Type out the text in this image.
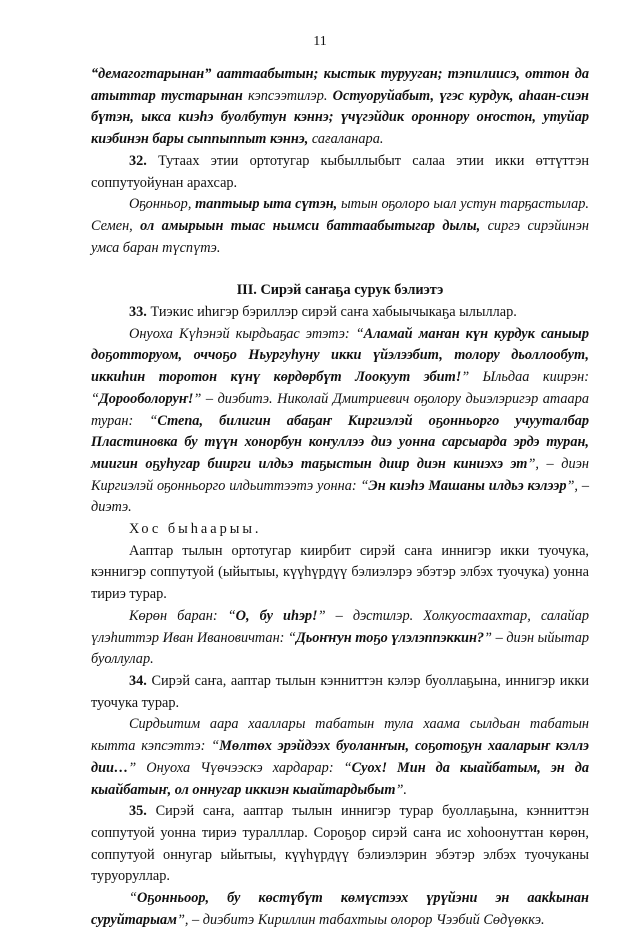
11

“демагогтарынан” ааттаабытын; кыстык турууган; тэпилиисэ, оттон да атыттар тустарынан кэпсээтилэр. Остуоруйабыт, үгэс курдук, аһаан-сиэн бүтэн, ыкса киэһэ буолбутун кэннэ; үчүгэйдик ороннору оҥостон, утуйар киэбинэн бары сыппыппыт кэннэ, сағаланара.

32. Тутаах этии ортотугар кыбыллыбыт салаа этии икки өттүттэн соппутуойунан арахсар.

Оҕонньор, таптыыр ыта сүтэн, ытын оҕолоро ыал устун тарҕастылар. Семен, ол амырыын тыас ньимси баттаабытыгар дылы, сиргэ сирэйинэн умса баран түспүтэ.

III. Сирэй саҥаҕа сурук бэлиэтэ

33. Тиэкис иһигэр бэриллэр сирэй саҥа хабыычыкаҕа ылыллар.

Онуоха Күһэнэй кырдьаҕас этэтэ: “Аламай маҥан күн курдук саныыр доҕотторуом, оччоҕо Ньургуһуну икки үйэлээбит, толору дьоллообут, иккиһин торотон күнү көрдөрбүт Лоокуут эбит!” Ыльдаа киирэн: “Дорооболоруҥ!” – диэбитэ. Николай Дмитриевич оҕолору дьиэлэригэр атаара туран: “Степа, билигин абаҕаҥ Киргиэлэй оҕонньорго учууталбар Пластиновка бу түүн хонорбун коҥуллээ диэ уонна сарсыарда эрдэ туран, миигин оҕуһугар биирги илдьэ таҕыстын диир диэн киниэхэ эт”, – диэн Киргиэлэй оҕонньорго илдьиттээтэ уонна: “Эн киэһэ Машаны илдьэ кэлээр”, – диэтэ.

Хос быһаарыы.

Аaптар тылын ортотугар киирбит сирэй саҥа иннигэр икки туочука, кэннигэр соппутуой (ыйытыы, күүһүрдүү бэлиэлэрэ эбэтэр элбэх туочука) уонна тириэ турар.

Көрөн баран: “О, бу иһэр!” – дэстилэр. Холкуостаахтар, салайар үлэһиттэр Иван Ивановичтан: “Дьоҥҥун тоҕо үлэлэппэккин?” – диэн ыйытар буоллулар.

34. Сирэй саҥа, ааптар тылын кэнниттэн кэлэр буоллаҕына, иннигэр икки туочука турар.

Сирдьитим аара хааллары табатын тула хаама сылдьан табатын кытта кэпсэттэ: “Мөлтөх эрэйдээх буоланҥын, соҕотоҕун хааларыҥ кэллэ дии…” Онуоха Чүөчээскэ хардарар: “Суох! Мин да кыайбатым, эн да кыайбатыҥ, ол оннугар иккиэн кыайтардыбыт”.

35. Сирэй саҥа, ааптар тылын иннигэр турар буоллаҕына, кэнниттэн соппутуой уонна тириэ туралллар. Сороҕор сирэй саҥа ис хоһоонуттан көрөн, соппутуой оннугар ыйытыы, күүһүрдүү бэлиэлэрин эбэтэр элбэх туочуканы туруоруллар.

“Оҕонньоор, бу көстүбүт көмүстээх үрүйэни эн аакkынан суруйтарыам”, – диэбитэ Кириллин табахтыы олорор Чээбий Сөдүөккэ.
